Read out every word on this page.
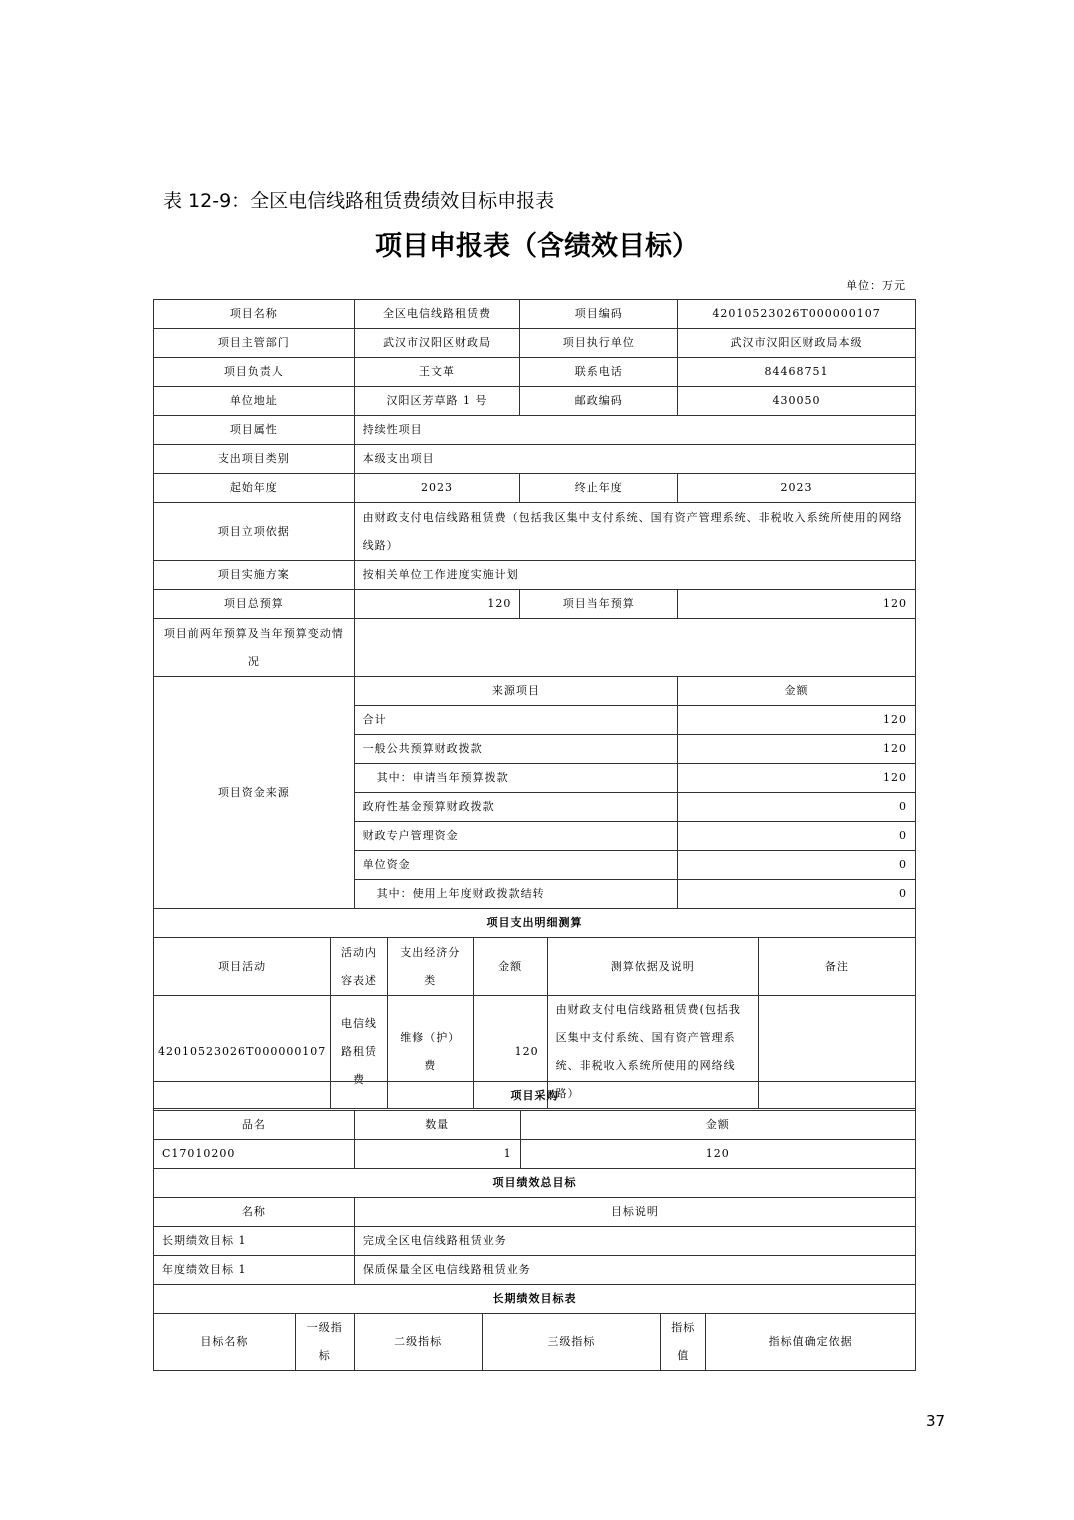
表 12-9：全区电信线路租赁费绩效目标申报表
项目申报表（含绩效目标）
单位：万元
项目名称	全区电信线路租赁费	项目编码	42010523026T000000107
项目主管部门	武汉市汉阳区财政局	项目执行单位	武汉市汉阳区财政局本级
项目负责人	王文革	联系电话	84468751
单位地址	汉阳区芳草路 1 号	邮政编码	430050
项目属性	持续性项目		
支出项目类别	本级支出项目		
起始年度	2023	终止年度	2023
项目立项依据	由财政支付电信线路租赁费（包括我区集中支付系统、国有资产管理系统、非税收入系统所使用的网络线路）		
项目实施方案	按相关单位工作进度实施计划		
项目总预算	120	项目当年预算	120
项目前两年预算及当年预算变动情况			
项目资金来源	来源项目		金额
	合计		120
	一般公共预算财政拨款		120
	其中：申请当年预算拨款		120
	政府性基金预算财政拨款		0
	财政专户管理资金		0
	单位资金		0
	其中：使用上年度财政拨款结转		0
项目支出明细测算					
项目活动	活动内容表述	支出经济分类	金额	测算依据及说明	备注
42010523026T000000107	电信线路租赁费	维修（护）费	120	由财政支付电信线路租赁费(包括我区集中支付系统、国有资产管理系统、非税收入系统所使用的网络线路）	
项目采购		
品名	数量	金额
C17010200	1	120
项目绩效总目标		
名称	目标说明	
长期绩效目标 1	完成全区电信线路租赁业务	
年度绩效目标 1	保质保量全区电信线路租赁业务	
长期绩效目标表		
目标名称	一级指标	二级指标	三级指标	指标值	指标值确定依据
37
